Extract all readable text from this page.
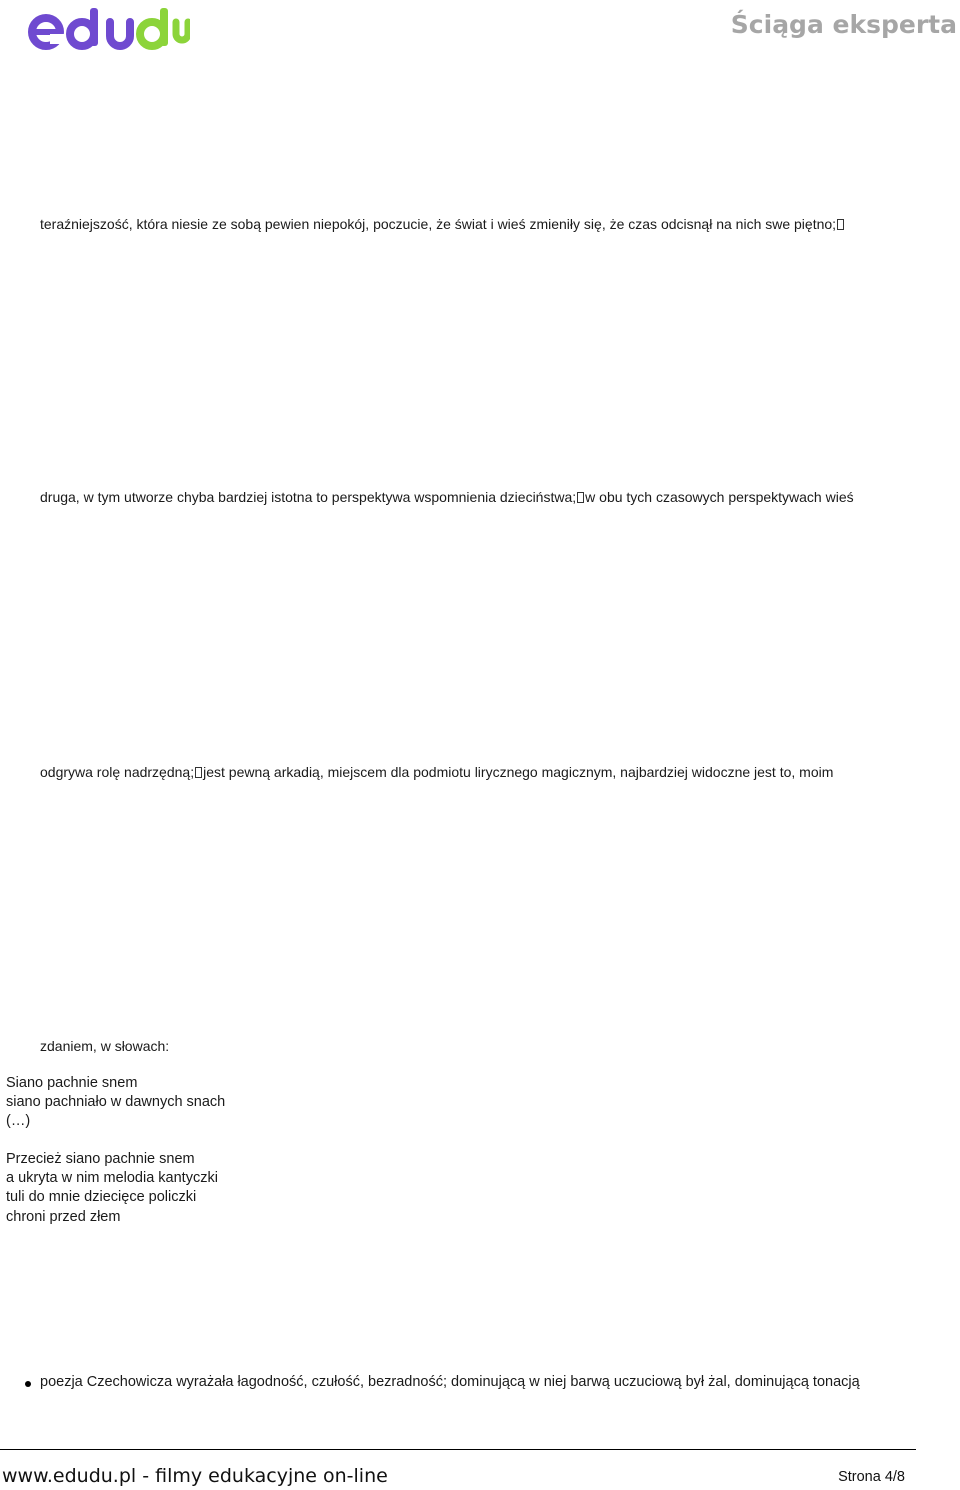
Ściąga eksperta
teraźniejszość, która niesie ze sobą pewien niepokój, poczucie, że świat i wieś zmieniły się, że czas odcisnął na nich swe piętno;
druga, w tym utworze chyba bardziej istotna to perspektywa wspomnienia dzieciństwa; w obu tych czasowych perspektywach wieś
odgrywa rolę nadrzędną; jest pewną arkadią, miejscem dla podmiotu lirycznego magicznym, najbardziej widoczne jest to, moim
zdaniem, w słowach:
Siano pachnie snem
siano pachniało w dawnych snach
(…)
Przecież siano pachnie snem
a ukryta w nim melodia kantyczki
tuli do mnie dziecięce policzki
chroni przed złem
poezja Czechowicza wyrażała łagodność, czułość, bezradność; dominującą w niej barwą uczuciową był żal, dominującą tonacją
www.edudu.pl - filmy edukacyjne on-line	Strona 4/8
